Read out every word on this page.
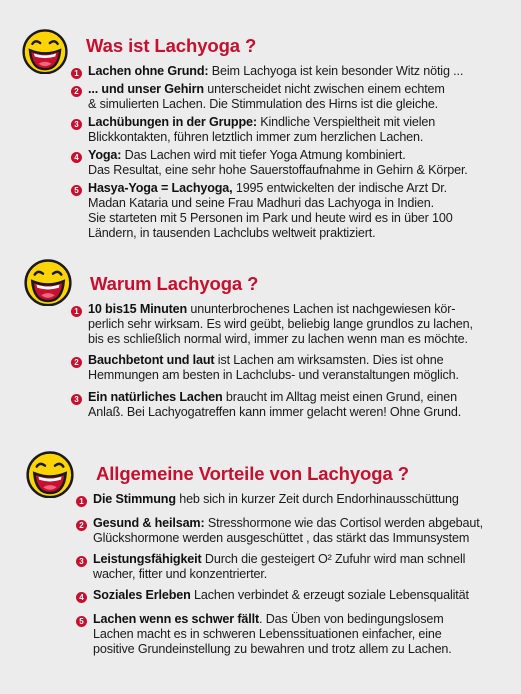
Was ist Lachyoga ?
1 Lachen ohne Grund: Beim Lachyoga ist kein besonder Witz nötig ...
2 ... und unser Gehirn unterscheidet nicht zwischen einem echtem
& simulierten Lachen. Die Stimmulation des Hirns ist die gleiche.
3 Lachübungen in der Gruppe: Kindliche Verspieltheit mit vielen
Blickkontakten, führen letztlich immer zum herzlichen Lachen.
4 Yoga: Das Lachen wird mit tiefer Yoga Atmung kombiniert.
Das Resultat, eine sehr hohe Sauerstoffaufnahme in Gehirn & Körper.
5 Hasya-Yoga = Lachyoga, 1995 entwickelten der indische Arzt Dr.
Madan Kataria und seine Frau Madhuri das Lachyoga in Indien.
Sie starteten mit 5 Personen im Park und heute wird es in über 100
Ländern, in tausenden Lachclubs weltweit praktiziert.
Warum Lachyoga ?
1 10 bis15 Minuten ununterbrochenes Lachen ist nachgewiesen kör-
perlich sehr wirksam. Es wird geübt, beliebig lange grundlos zu lachen,
bis es schließlich normal wird, immer zu lachen wenn man es möchte.
2 Bauchbetont und laut ist Lachen am wirksamsten. Dies ist ohne
Hemmungen am besten in Lachclubs- und veranstaltungen möglich.
3 Ein natürliches Lachen braucht im Alltag meist einen Grund, einen
Anlaß. Bei Lachyogatreffen kann immer gelacht weren! Ohne Grund.
Allgemeine Vorteile von Lachyoga ?
1 Die Stimmung heb sich in kurzer Zeit durch Endorhinausschüttung
2 Gesund & heilsam: Stresshormone wie das Cortisol werden abgebaut,
Glückshormone werden ausgeschüttet , das stärkt das Immunsystem
3 Leistungsfähigkeit Durch die gesteigert O² Zufuhr wird man schnell
wacher, fitter und konzentrierter.
4 Soziales Erleben Lachen verbindet & erzeugt soziale Lebensqualität
5 Lachen wenn es schwer fällt. Das Üben von bedingungslosem
Lachen macht es in schweren Lebenssituationen einfacher, eine
positive Grundeinstellung zu bewahren und trotz allem zu Lachen.
